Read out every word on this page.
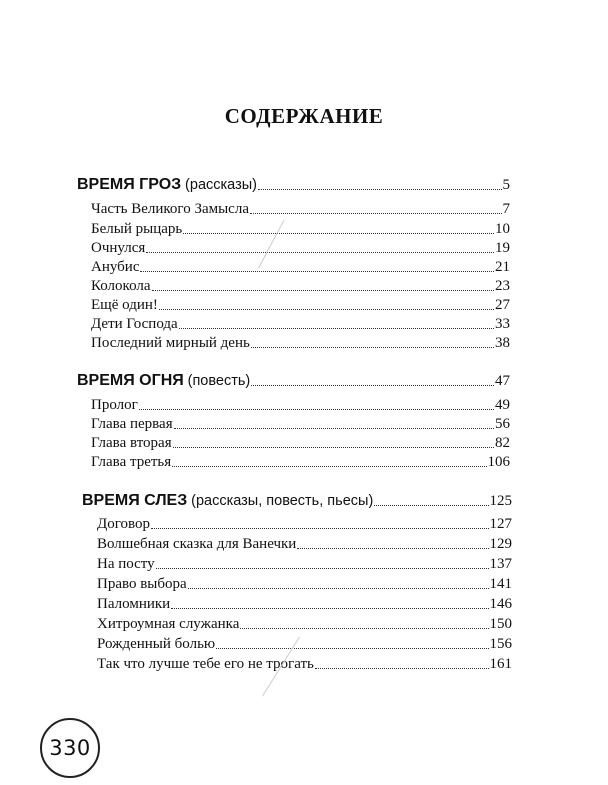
СОДЕРЖАНИЕ
ВРЕМЯ ГРОЗ (рассказы)	5
Часть Великого Замысла	7
Белый рыцарь	10
Очнулся	19
Анубис	21
Колокола	23
Ещё один!	27
Дети Господа	33
Последний мирный день	38
ВРЕМЯ ОГНЯ (повесть)	47
Пролог	49
Глава первая	56
Глава вторая	82
Глава третья	106
ВРЕМЯ СЛЕЗ (рассказы, повесть, пьесы)	125
Договор	127
Волшебная сказка для Ванечки	129
На посту	137
Право выбора	141
Паломники	146
Хитроумная служанка	150
Рожденный болью	156
Так что лучше тебе его не трогать	161
330
